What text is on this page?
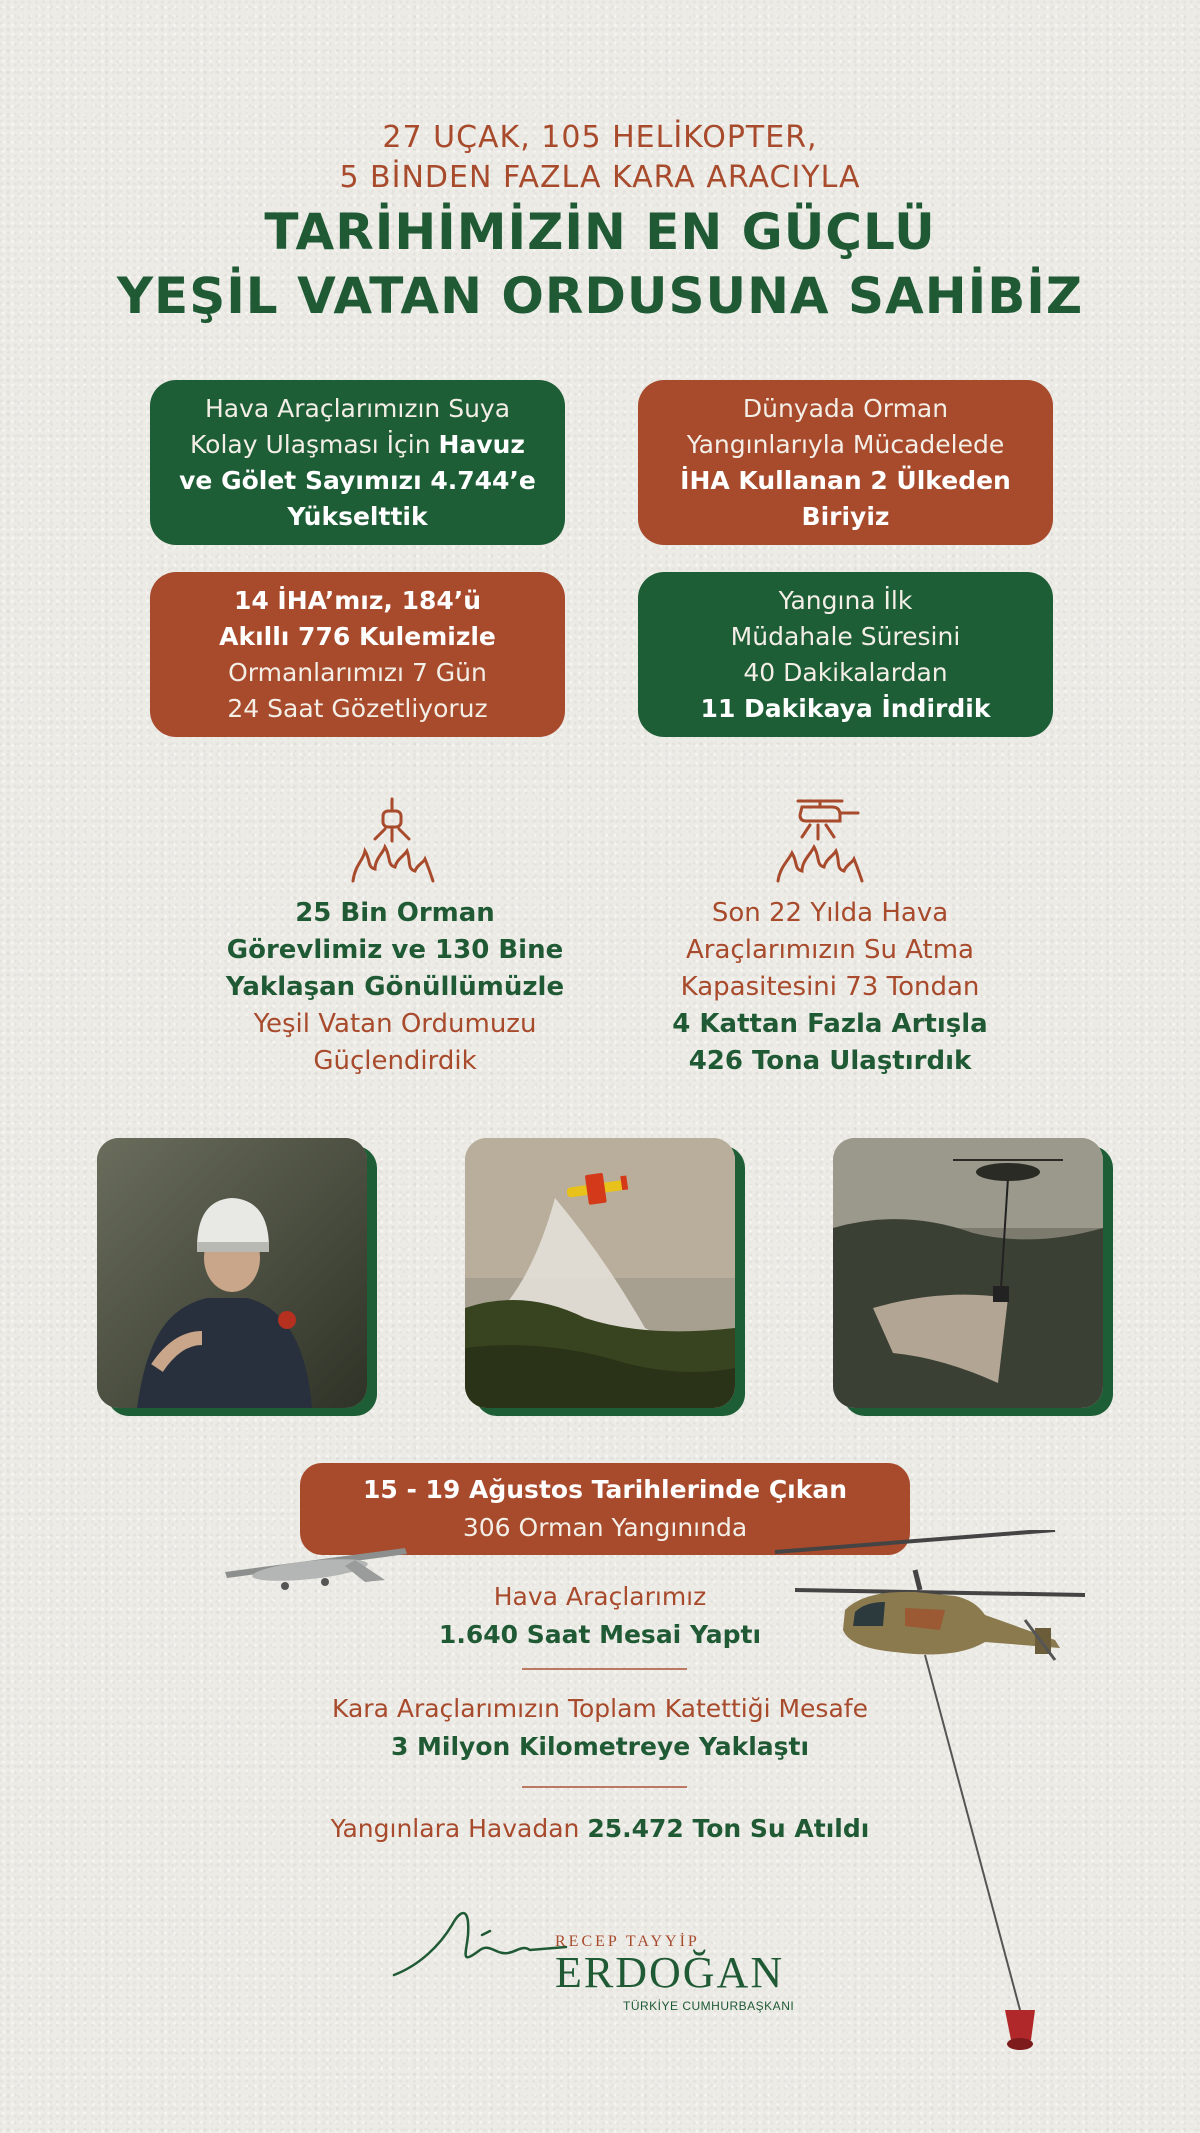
27 UÇAK, 105 HELİKOPTER,
5 BİNDEN FAZLA KARA ARACIYLA
TARİHİMİZİN EN GÜÇLÜ
YEŞİL VATAN ORDUSUNA SAHİBİZ
Hava Araçlarımızın Suya
Kolay Ulaşması İçin Havuz
ve Gölet Sayımızı 4.744’e
Yükselttik
Dünyada Orman
Yangınlarıyla Mücadelede
İHA Kullanan 2 Ülkeden
Biriyiz
14 İHA’mız, 184’ü
Akıllı 776 Kulemizle
Ormanlarımızı 7 Gün
24 Saat Gözetliyoruz
Yangına İlk
Müdahale Süresini
40 Dakikalardan
11 Dakikaya İndirdik
25 Bin Orman
Görevlimiz ve 130 Bine
Yaklaşan Gönüllümüzle
Yeşil Vatan Ordumuzu
Güçlendirdik
Son 22 Yılda Hava
Araçlarımızın Su Atma
Kapasitesini 73 Tondan
4 Kattan Fazla Artışla
426 Tona Ulaştırdık
15 - 19 Ağustos Tarihlerinde Çıkan
306 Orman Yangınında
Hava Araçlarımız
1.640 Saat Mesai Yaptı
Kara Araçlarımızın Toplam Katettiği Mesafe
3 Milyon Kilometreye Yaklaştı
Yangınlara Havadan 25.472 Ton Su Atıldı
RECEP TAYYİP
ERDOĞAN
TÜRKİYE CUMHURBAŞKANI
